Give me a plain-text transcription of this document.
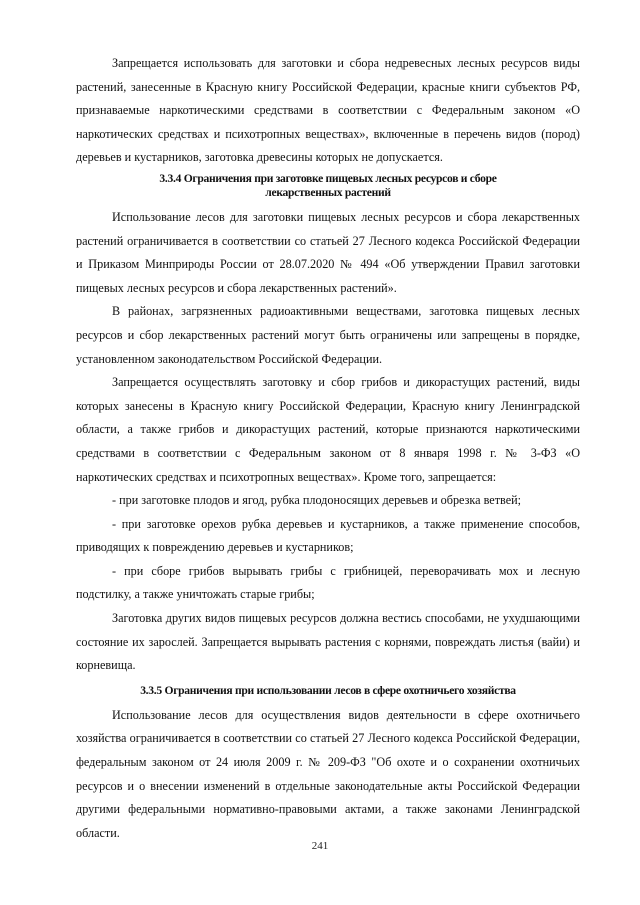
Запрещается использовать для заготовки и сбора недревесных лесных ресурсов виды растений, занесенные в Красную книгу Российской Федерации, красные книги субъектов РФ, признаваемые наркотическими средствами в соответствии с Федеральным законом «О наркотических средствах и психотропных веществах», включенные в перечень видов (пород) деревьев и кустарников, заготовка древесины которых не допускается.

3.3.4 Ограничения при заготовке пищевых лесных ресурсов и сборе
лекарственных растений

Использование лесов для заготовки пищевых лесных ресурсов и сбора лекарственных растений ограничивается в соответствии со статьей 27 Лесного кодекса Российской Федерации и Приказом Минприроды России от 28.07.2020 № 494 «Об утверждении Правил заготовки пищевых лесных ресурсов и сбора лекарственных растений».

В районах, загрязненных радиоактивными веществами, заготовка пищевых лесных ресурсов и сбор лекарственных растений могут быть ограничены или запрещены в порядке, установленном законодательством Российской Федерации.

Запрещается осуществлять заготовку и сбор грибов и дикорастущих растений, виды которых занесены в Красную книгу Российской Федерации, Красную книгу Ленинградской области, а также грибов и дикорастущих растений, которые признаются наркотическими средствами в соответствии с Федеральным законом от 8 января 1998 г. № 3-ФЗ «О наркотических средствах и психотропных веществах». Кроме того, запрещается:

- при заготовке плодов и ягод, рубка плодоносящих деревьев и обрезка ветвей;

- при заготовке орехов рубка деревьев и кустарников, а также применение способов, приводящих к повреждению деревьев и кустарников;

- при сборе грибов вырывать грибы с грибницей, переворачивать мох и лесную подстилку, а также уничтожать старые грибы;

Заготовка других видов пищевых ресурсов должна вестись способами, не ухудшающими состояние их зарослей. Запрещается вырывать растения с корнями, повреждать листья (вайи) и корневища.

3.3.5 Ограничения при использовании лесов в сфере охотничьего хозяйства

Использование лесов для осуществления видов деятельности в сфере охотничьего хозяйства ограничивается в соответствии со статьей 27 Лесного кодекса Российской Федерации, федеральным законом от 24 июля 2009 г. № 209-ФЗ "Об охоте и о сохранении охотничьих ресурсов и о внесении изменений в отдельные законодательные акты Российской Федерации другими федеральными нормативно-правовыми актами, а также законами Ленинградской области.

241
